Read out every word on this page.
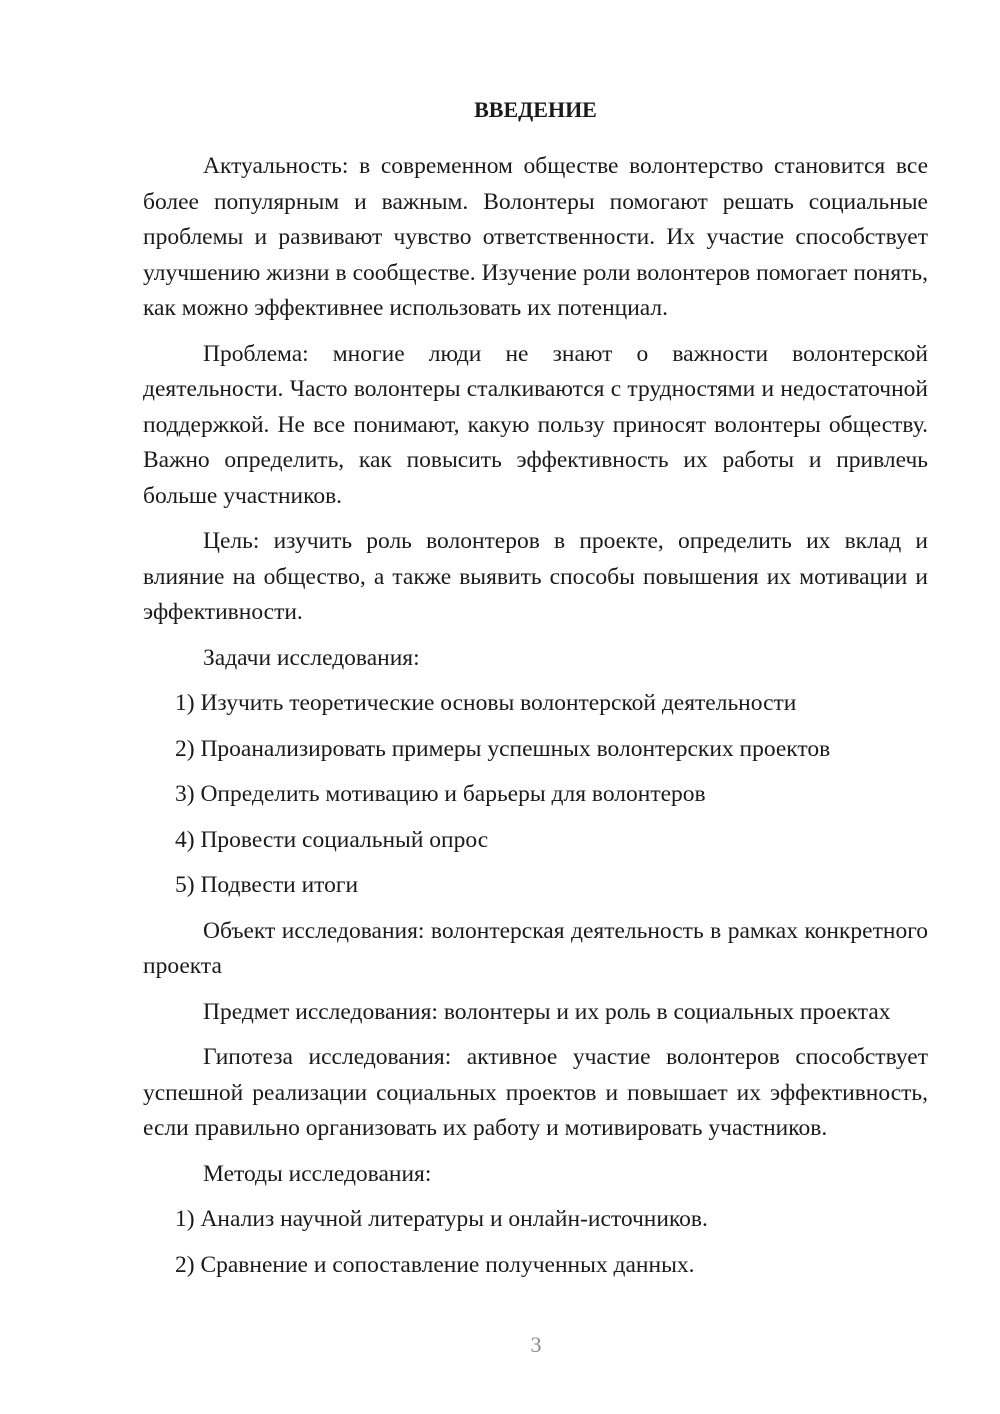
ВВЕДЕНИЕ
Актуальность: в современном обществе волонтерство становится все более популярным и важным. Волонтеры помогают решать социальные проблемы и развивают чувство ответственности. Их участие способствует улучшению жизни в сообществе. Изучение роли волонтеров помогает понять, как можно эффективнее использовать их потенциал.
Проблема: многие люди не знают о важности волонтерской деятельности. Часто волонтеры сталкиваются с трудностями и недостаточной поддержкой. Не все понимают, какую пользу приносят волонтеры обществу. Важно определить, как повысить эффективность их работы и привлечь больше участников.
Цель: изучить роль волонтеров в проекте, определить их вклад и влияние на общество, а также выявить способы повышения их мотивации и эффективности.
Задачи исследования:
1) Изучить теоретические основы волонтерской деятельности
2) Проанализировать примеры успешных волонтерских проектов
3) Определить мотивацию и барьеры для волонтеров
4) Провести социальный опрос
5) Подвести итоги
Объект исследования: волонтерская деятельность в рамках конкретного проекта
Предмет исследования: волонтеры и их роль в социальных проектах
Гипотеза исследования: активное участие волонтеров способствует успешной реализации социальных проектов и повышает их эффективность, если правильно организовать их работу и мотивировать участников.
Методы исследования:
1) Анализ научной литературы и онлайн-источников.
2) Сравнение и сопоставление полученных данных.
3
